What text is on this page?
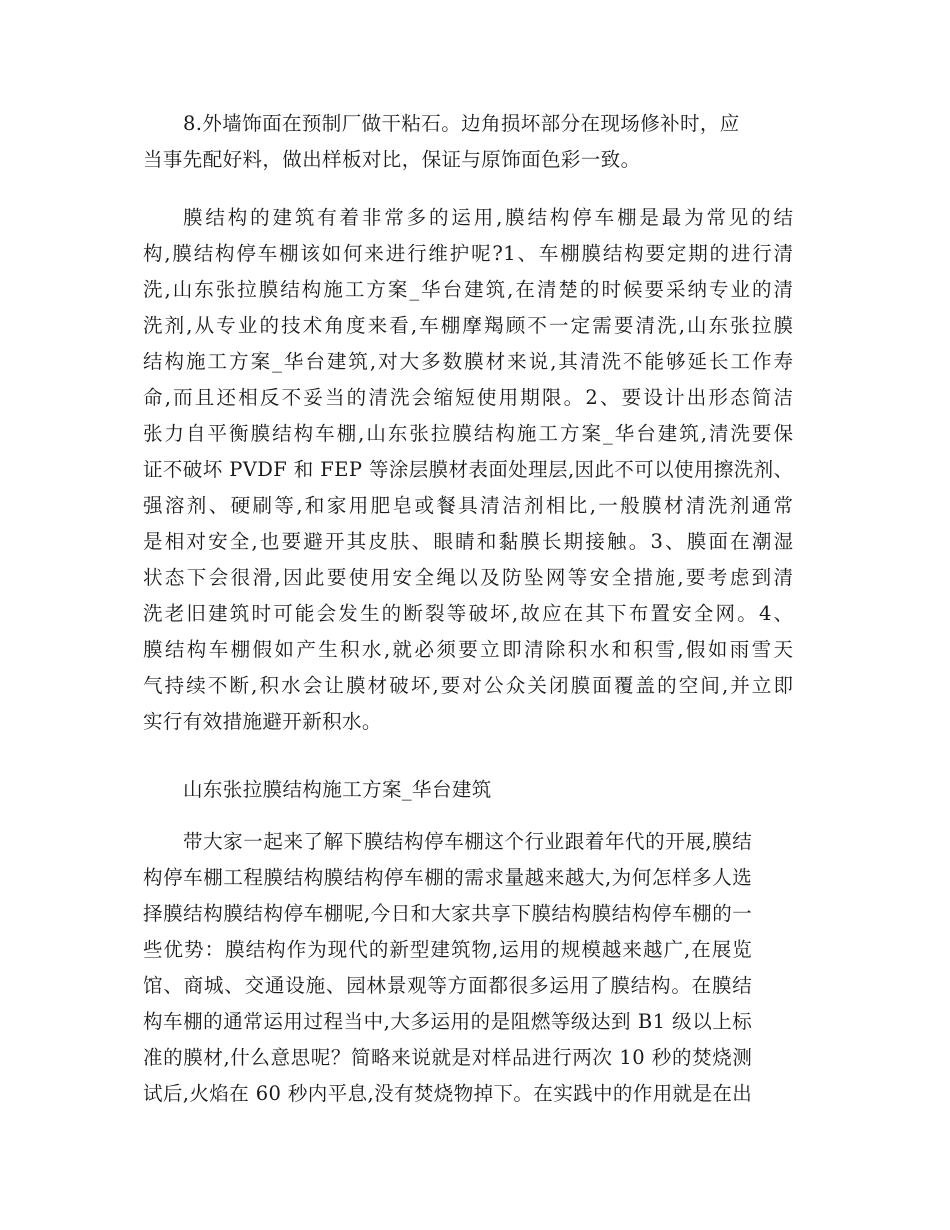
8.外墙饰面在预制厂做干粘石。边角损坏部分在现场修补时，应
当事先配好料，做出样板对比，保证与原饰面色彩一致。

膜结构的建筑有着非常多的运用,膜结构停车棚是最为常见的结
构,膜结构停车棚该如何来进行维护呢?1、车棚膜结构要定期的进行清
洗,山东张拉膜结构施工方案_华台建筑,在清楚的时候要采纳专业的清
洗剂,从专业的技术角度来看,车棚摩羯顾不一定需要清洗,山东张拉膜
结构施工方案_华台建筑,对大多数膜材来说,其清洗不能够延长工作寿
命,而且还相反不妥当的清洗会缩短使用期限。2、要设计出形态简洁
张力自平衡膜结构车棚,山东张拉膜结构施工方案_华台建筑,清洗要保
证不破坏 PVDF 和 FEP 等涂层膜材表面处理层,因此不可以使用擦洗剂、
强溶剂、硬刷等,和家用肥皂或餐具清洁剂相比,一般膜材清洗剂通常
是相对安全,也要避开其皮肤、眼睛和黏膜长期接触。3、膜面在潮湿
状态下会很滑,因此要使用安全绳以及防坠网等安全措施,要考虑到清
洗老旧建筑时可能会发生的断裂等破坏,故应在其下布置安全网。4、
膜结构车棚假如产生积水,就必须要立即清除积水和积雪,假如雨雪天
气持续不断,积水会让膜材破坏,要对公众关闭膜面覆盖的空间,并立即
实行有效措施避开新积水。

山东张拉膜结构施工方案_华台建筑

带大家一起来了解下膜结构停车棚这个行业跟着年代的开展,膜结
构停车棚工程膜结构膜结构停车棚的需求量越来越大,为何怎样多人选
择膜结构膜结构停车棚呢,今日和大家共享下膜结构膜结构停车棚的一
些优势：膜结构作为现代的新型建筑物,运用的规模越来越广,在展览
馆、商城、交通设施、园林景观等方面都很多运用了膜结构。在膜结
构车棚的通常运用过程当中,大多运用的是阻燃等级达到 B1 级以上标
准的膜材,什么意思呢？简略来说就是对样品进行两次 10 秒的焚烧测
试后,火焰在 60 秒内平息,没有焚烧物掉下。在实践中的作用就是在出
